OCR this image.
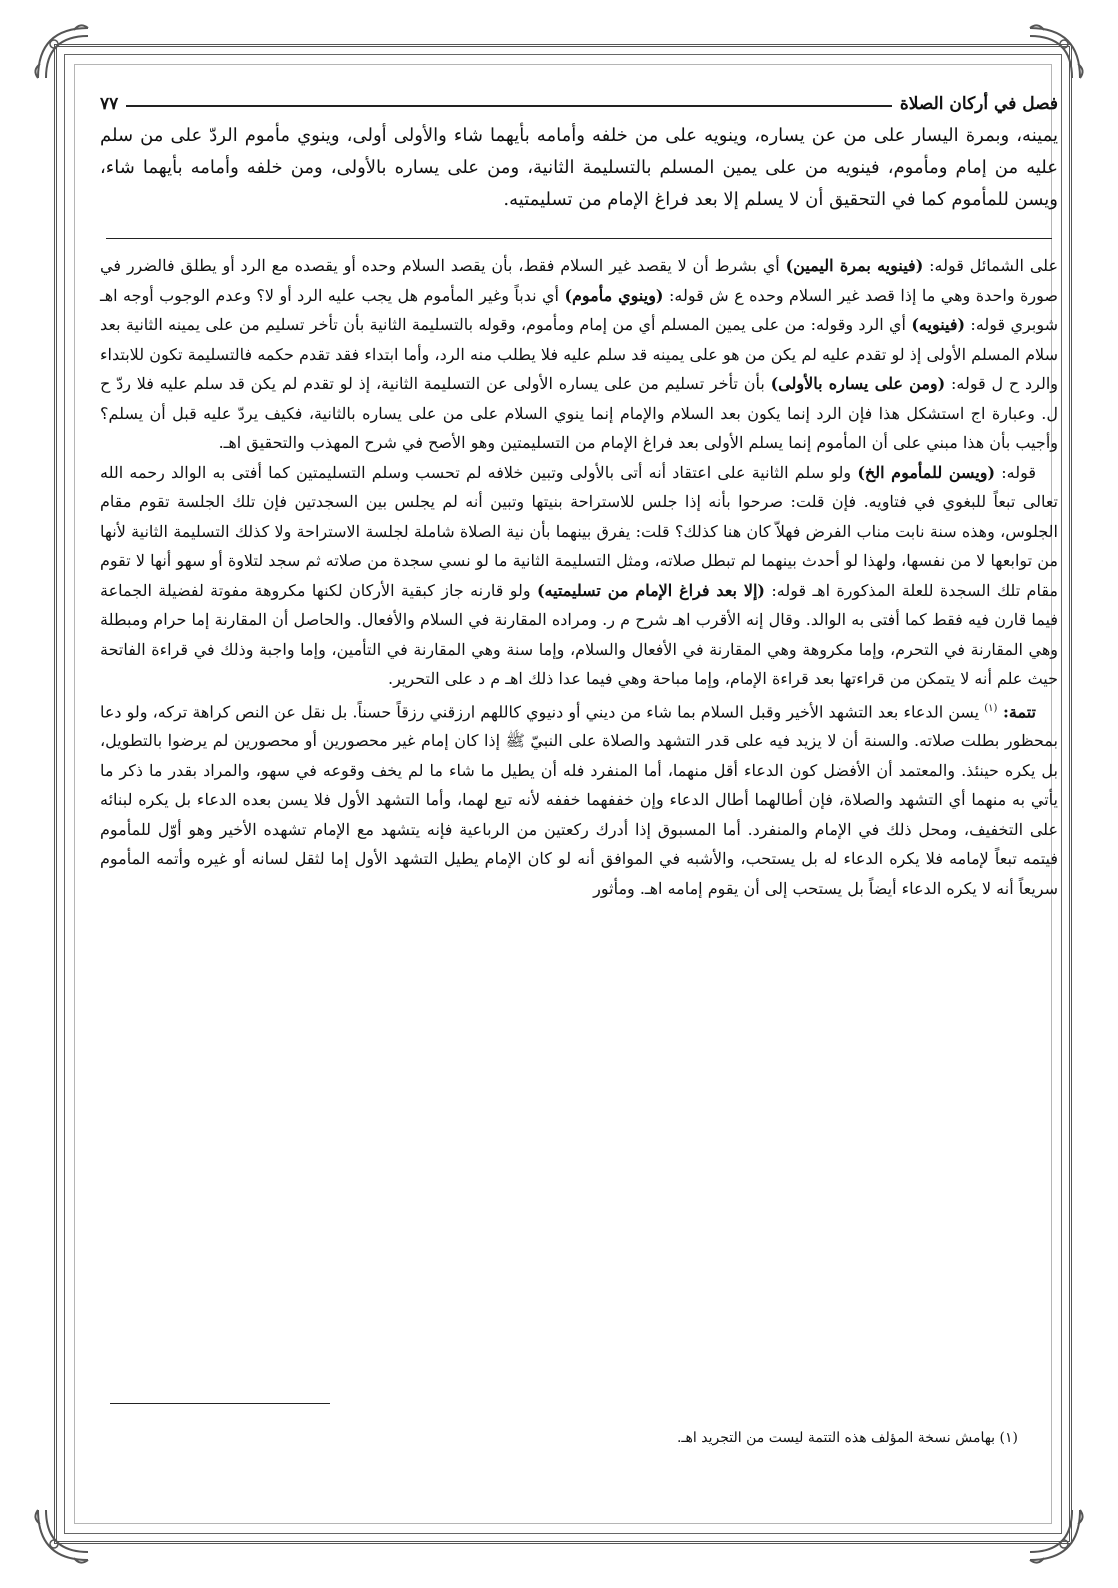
فصل في أركان الصلاة
٧٧

يمينه، وبمرة اليسار على من عن يساره، وينويه على من خلفه وأمامه بأيهما شاء والأولى أولى، وينوي مأموم الردّ على من سلم عليه من إمام ومأموم، فينويه من على يمين المسلم بالتسليمة الثانية، ومن على يساره بالأولى، ومن خلفه وأمامه بأيهما شاء، ويسن للمأموم كما في التحقيق أن لا يسلم إلا بعد فراغ الإمام من تسليمتيه.

على الشمائل قوله: (فينويه بمرة اليمين) أي بشرط أن لا يقصد غير السلام فقط، بأن يقصد السلام وحده أو يقصده مع الرد أو يطلق فالضرر في صورة واحدة وهي ما إذا قصد غير السلام وحده ع ش قوله: (وينوي مأموم) أي ندباً وغير المأموم هل يجب عليه الرد أو لا؟ وعدم الوجوب أوجه اهـ شوبري قوله: (فينويه) أي الرد وقوله: من على يمين المسلم أي من إمام ومأموم، وقوله بالتسليمة الثانية بأن تأخر تسليم من على يمينه الثانية بعد سلام المسلم الأولى إذ لو تقدم عليه لم يكن من هو على يمينه قد سلم عليه فلا يطلب منه الرد، وأما ابتداء فقد تقدم حكمه فالتسليمة تكون للابتداء والرد ح ل قوله: (ومن على يساره بالأولى) بأن تأخر تسليم من على يساره الأولى عن التسليمة الثانية، إذ لو تقدم لم يكن قد سلم عليه فلا ردّ ح ل. وعبارة اج استشكل هذا فإن الرد إنما يكون بعد السلام والإمام إنما ينوي السلام على من على يساره بالثانية، فكيف يردّ عليه قبل أن يسلم؟ وأجيب بأن هذا مبني على أن المأموم إنما يسلم الأولى بعد فراغ الإمام من التسليمتين وهو الأصح في شرح المهذب والتحقيق اهـ.

قوله: (ويسن للمأموم الخ) ولو سلم الثانية على اعتقاد أنه أتى بالأولى وتبين خلافه لم تحسب وسلم التسليمتين كما أفتى به الوالد رحمه الله تعالى تبعاً للبغوي في فتاويه. فإن قلت: صرحوا بأنه إذا جلس للاستراحة بنيتها وتبين أنه لم يجلس بين السجدتين فإن تلك الجلسة تقوم مقام الجلوس، وهذه سنة نابت مناب الفرض فهلاّ كان هنا كذلك؟ قلت: يفرق بينهما بأن نية الصلاة شاملة لجلسة الاستراحة ولا كذلك التسليمة الثانية لأنها من توابعها لا من نفسها، ولهذا لو أحدث بينهما لم تبطل صلاته، ومثل التسليمة الثانية ما لو نسي سجدة من صلاته ثم سجد لتلاوة أو سهو أنها لا تقوم مقام تلك السجدة للعلة المذكورة اهـ قوله: (إلا بعد فراغ الإمام من تسليمتيه) ولو قارنه جاز كبقية الأركان لكنها مكروهة مفوتة لفضيلة الجماعة فيما قارن فيه فقط كما أفتى به الوالد. وقال إنه الأقرب اهـ شرح م ر. ومراده المقارنة في السلام والأفعال. والحاصل أن المقارنة إما حرام ومبطلة وهي المقارنة في التحرم، وإما مكروهة وهي المقارنة في الأفعال والسلام، وإما سنة وهي المقارنة في التأمين، وإما واجبة وذلك في قراءة الفاتحة حيث علم أنه لا يتمكن من قراءتها بعد قراءة الإمام، وإما مباحة وهي فيما عدا ذلك اهـ م د على التحرير.

تتمة: $^{(١)}$ يسن الدعاء بعد التشهد الأخير وقبل السلام بما شاء من ديني أو دنيوي كاللهم ارزقني رزقاً حسناً. بل نقل عن النص كراهة تركه، ولو دعا بمحظور بطلت صلاته. والسنة أن لا يزيد فيه على قدر التشهد والصلاة على النبيّ ﷺ إذا كان إمام غير محصورين أو محصورين لم يرضوا بالتطويل، بل يكره حينئذ. والمعتمد أن الأفضل كون الدعاء أقل منهما، أما المنفرد فله أن يطيل ما شاء ما لم يخف وقوعه في سهو، والمراد بقدر ما ذكر ما يأتي به منهما أي التشهد والصلاة، فإن أطالهما أطال الدعاء وإن خففهما خففه لأنه تبع لهما، وأما التشهد الأول فلا يسن بعده الدعاء بل يكره لبنائه على التخفيف، ومحل ذلك في الإمام والمنفرد. أما المسبوق إذا أدرك ركعتين من الرباعية فإنه يتشهد مع الإمام تشهده الأخير وهو أوّل للمأموم فيتمه تبعاً لإمامه فلا يكره الدعاء له بل يستحب، والأشبه في الموافق أنه لو كان الإمام يطيل التشهد الأول إما لثقل لسانه أو غيره وأتمه المأموم سريعاً أنه لا يكره الدعاء أيضاً بل يستحب إلى أن يقوم إمامه اهـ. ومأثور

(١) بهامش نسخة المؤلف هذه التتمة ليست من التجريد اهـ.
